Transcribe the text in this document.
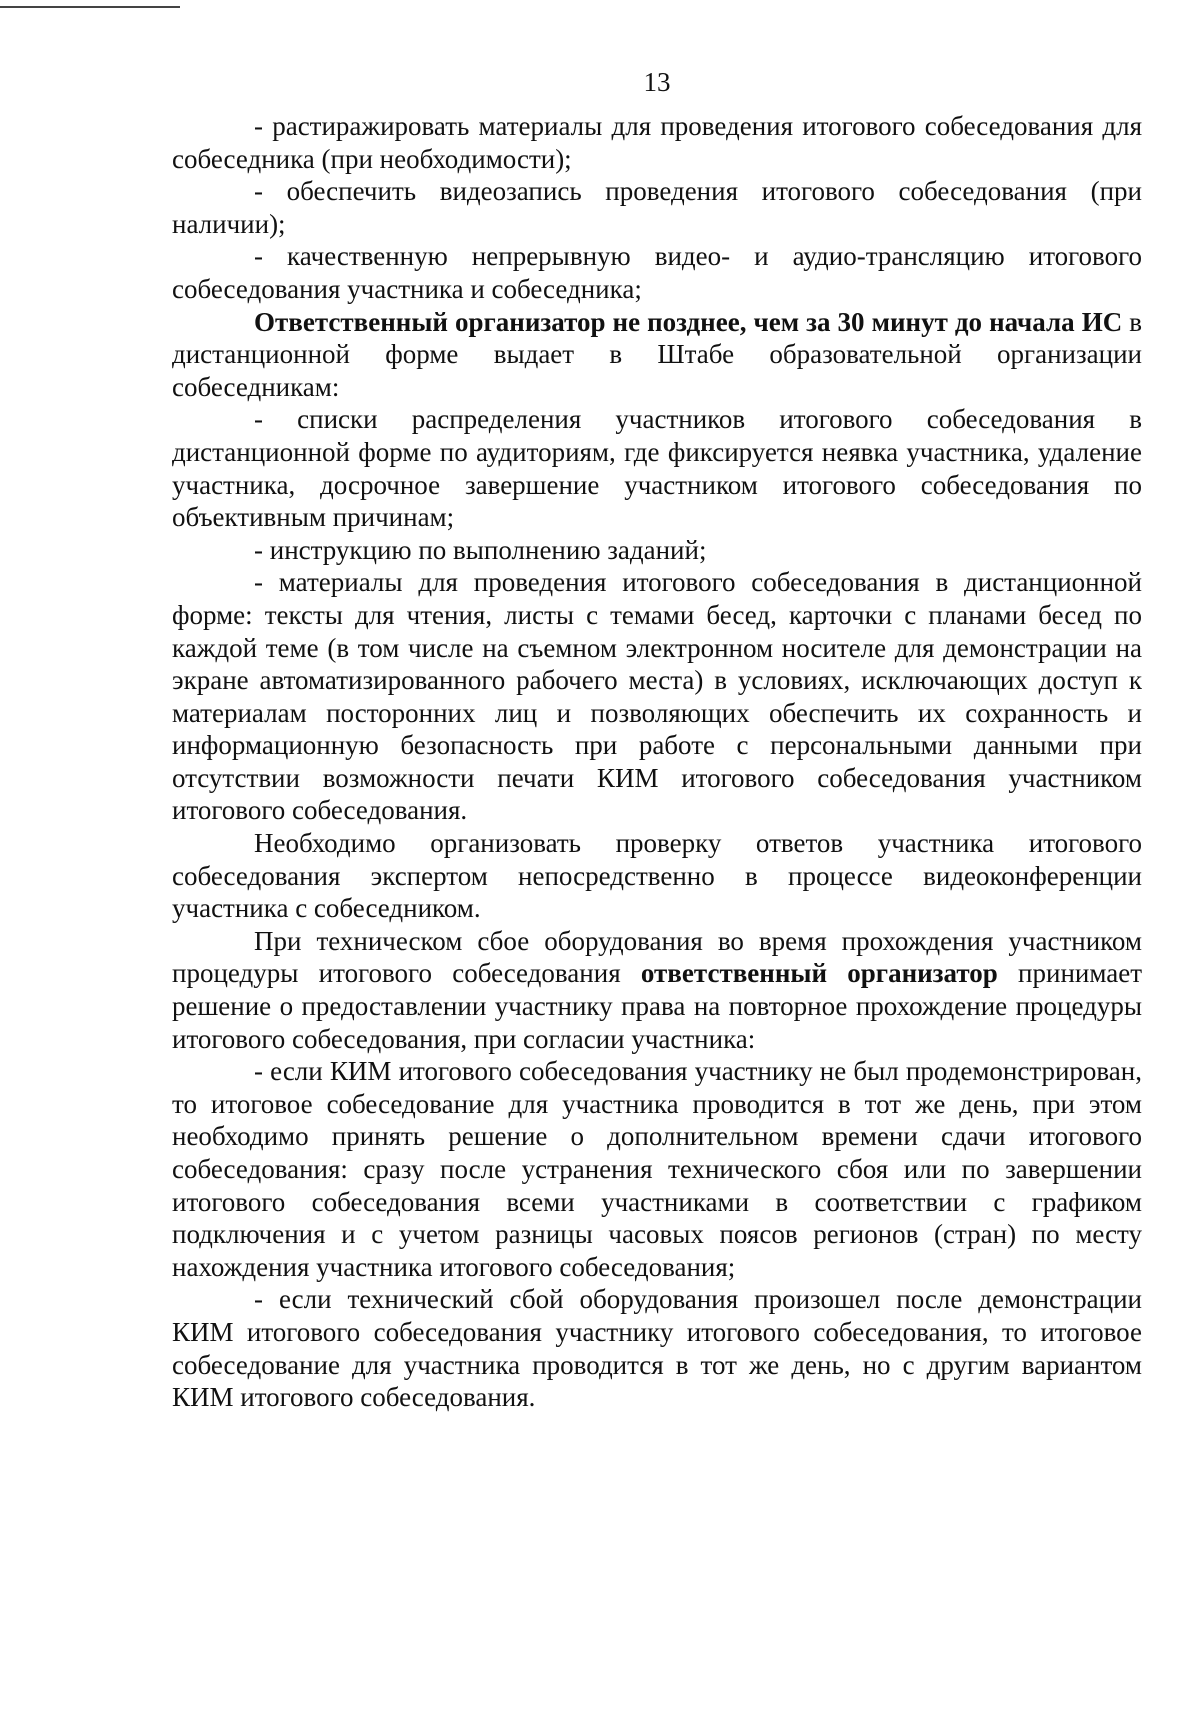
13

- растиражировать материалы для проведения итогового собеседования для собеседника (при необходимости);

- обеспечить видеозапись проведения итогового собеседования (при наличии);

- качественную непрерывную видео- и аудио-трансляцию итогового собеседования участника и собеседника;

Ответственный организатор не позднее, чем за 30 минут до начала ИС в дистанционной форме выдает в Штабе образовательной организации собеседникам:

- списки распределения участников итогового собеседования в дистанционной форме по аудиториям, где фиксируется неявка участника, удаление участника, досрочное завершение участником итогового собеседования по объективным причинам;

- инструкцию по выполнению заданий;

- материалы для проведения итогового собеседования в дистанционной форме: тексты для чтения, листы с темами бесед, карточки с планами бесед по каждой теме (в том числе на съемном электронном носителе для демонстрации на экране автоматизированного рабочего места) в условиях, исключающих доступ к материалам посторонних лиц и позволяющих обеспечить их сохранность и информационную безопасность при работе с персональными данными при отсутствии возможности печати КИМ итогового собеседования участником итогового собеседования.

Необходимо организовать проверку ответов участника итогового собеседования экспертом непосредственно в процессе видеоконференции участника с собеседником.

При техническом сбое оборудования во время прохождения участником процедуры итогового собеседования ответственный организатор принимает решение о предоставлении участнику права на повторное прохождение процедуры итогового собеседования, при согласии участника:

- если КИМ итогового собеседования участнику не был продемонстрирован, то итоговое собеседование для участника проводится в тот же день, при этом необходимо принять решение о дополнительном времени сдачи итогового собеседования: сразу после устранения технического сбоя или по завершении итогового собеседования всеми участниками в соответствии с графиком подключения и с учетом разницы часовых поясов регионов (стран) по месту нахождения участника итогового собеседования;

- если технический сбой оборудования произошел после демонстрации КИМ итогового собеседования участнику итогового собеседования, то итоговое собеседование для участника проводится в тот же день, но с другим вариантом КИМ итогового собеседования.
